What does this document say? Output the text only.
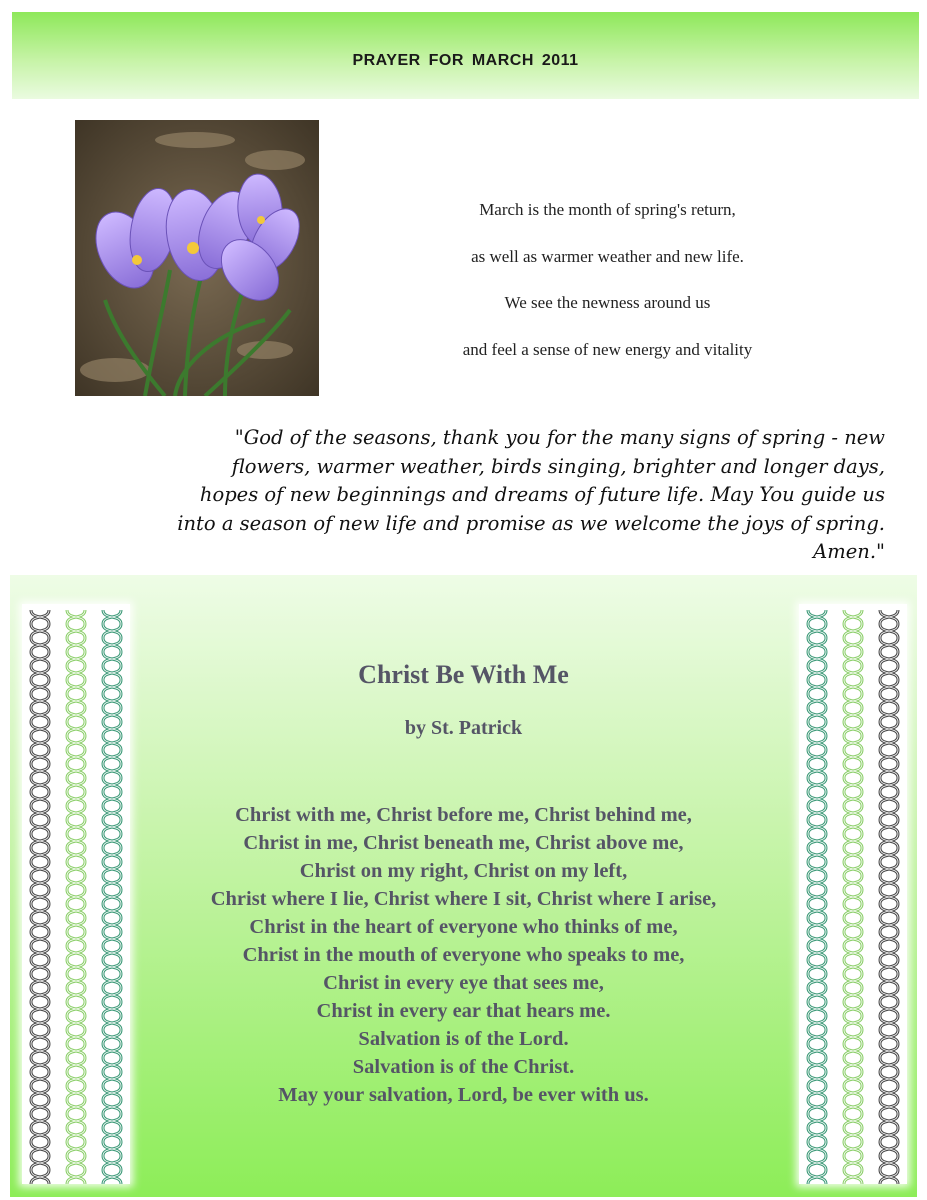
PRAYER FOR MARCH 2011
March is the month of spring's return,
as well as warmer weather and new life.
We see the newness around us
and feel a sense of new energy and vitality
"God of the seasons, thank you for the many signs of spring - new
flowers, warmer weather, birds singing, brighter and longer days,
hopes of new beginnings and dreams of future life. May You guide us
into a season of new life and promise as we welcome the joys of spring.
Amen."
Christ Be With Me
by St. Patrick
Christ with me, Christ before me, Christ behind me,
Christ in me, Christ beneath me, Christ above me,
Christ on my right, Christ on my left,
Christ where I lie, Christ where I sit, Christ where I arise,
Christ in the heart of everyone who thinks of me,
Christ in the mouth of everyone who speaks to me,
Christ in every eye that sees me,
Christ in every ear that hears me.
Salvation is of the Lord.
Salvation is of the Christ.
May your salvation, Lord, be ever with us.
